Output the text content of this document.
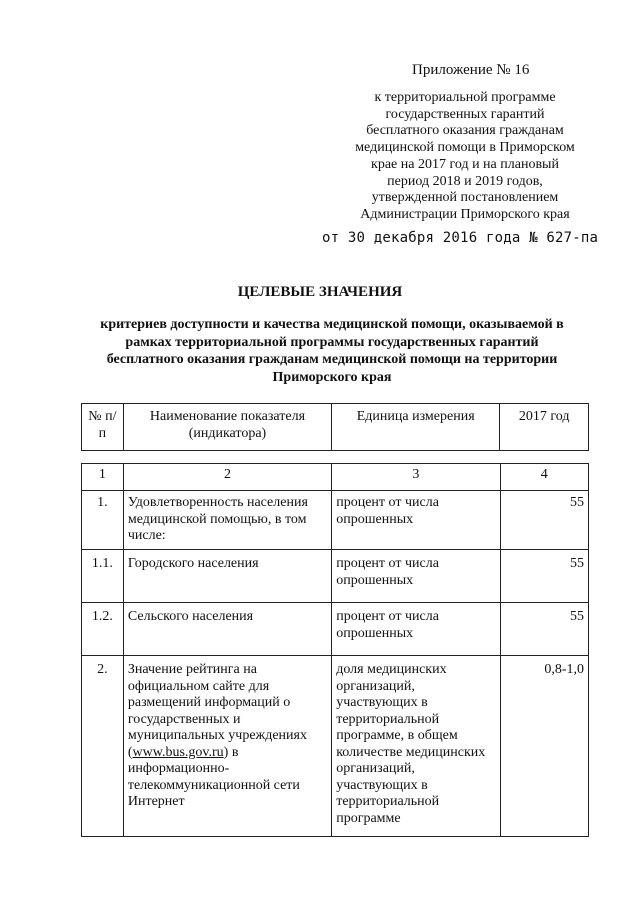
Приложение № 16
к территориальной программе
государственных гарантий
бесплатного оказания гражданам
медицинской помощи в Приморском
крае на 2017 год и на плановый
период 2018 и 2019 годов,
утвержденной постановлением
Администрации Приморского края
от 30 декабря 2016 года № 627-па
ЦЕЛЕВЫЕ ЗНАЧЕНИЯ
критериев доступности и качества медицинской помощи, оказываемой в
рамках территориальной программы государственных гарантий
бесплатного оказания гражданам медицинской помощи на территории
Приморского края
№ п/п	Наименование показателя (индикатора)	Единица измерения	2017 год
1	2	3	4
1.	Удовлетворенность населения медицинской помощью, в том числе:	процент от числа опрошенных	55
1.1.	Городского населения	процент от числа опрошенных	55
1.2.	Сельского населения	процент от числа опрошенных	55
2.	Значение рейтинга на официальном сайте для размещений информаций о государственных и муниципальных учреждениях (www.bus.gov.ru) в информационно-телекоммуникационной сети Интернет	доля медицинских организаций, участвующих в территориальной программе, в общем количестве медицинских организаций, участвующих в территориальной программе	0,8-1,0
